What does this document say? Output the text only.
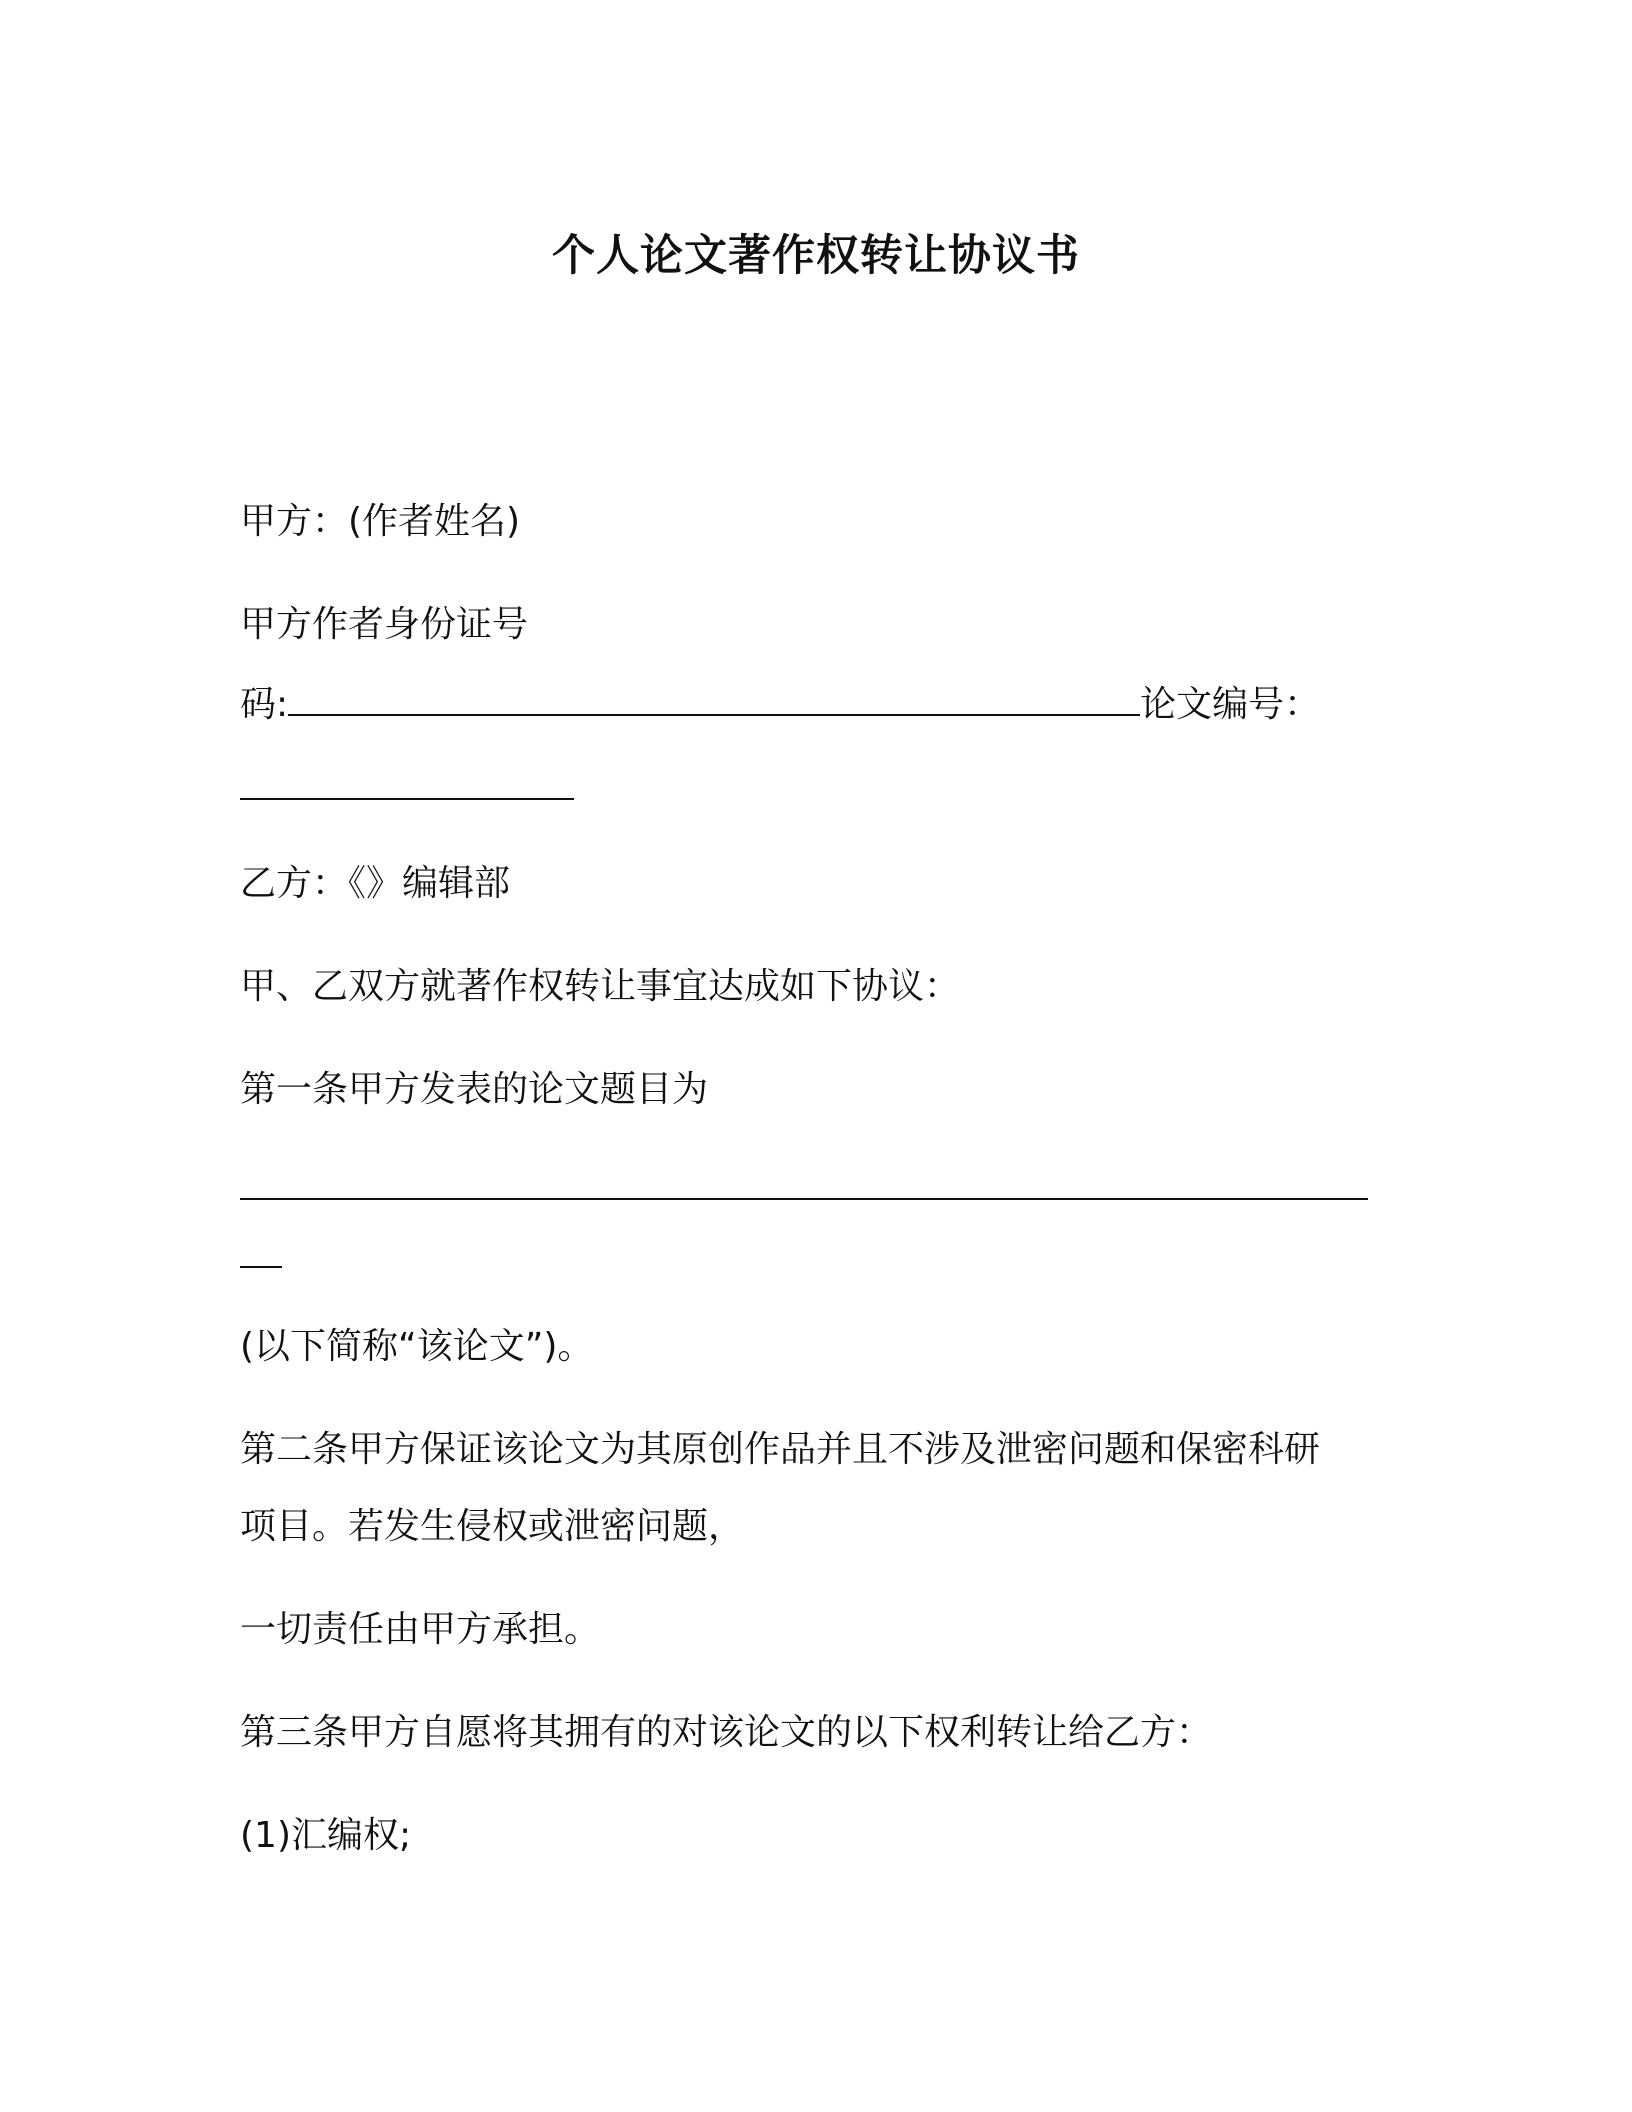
个人论文著作权转让协议书
甲方：(作者姓名)
甲方作者身份证号
码:	论文编号：
乙方：《》编辑部
甲、乙双方就著作权转让事宜达成如下协议：
第一条甲方发表的论文题目为
(以下简称“该论文”)。
第二条甲方保证该论文为其原创作品并且不涉及泄密问题和保密科研
项目。若发生侵权或泄密问题，
一切责任由甲方承担。
第三条甲方自愿将其拥有的对该论文的以下权利转让给乙方：
(1)汇编权;
